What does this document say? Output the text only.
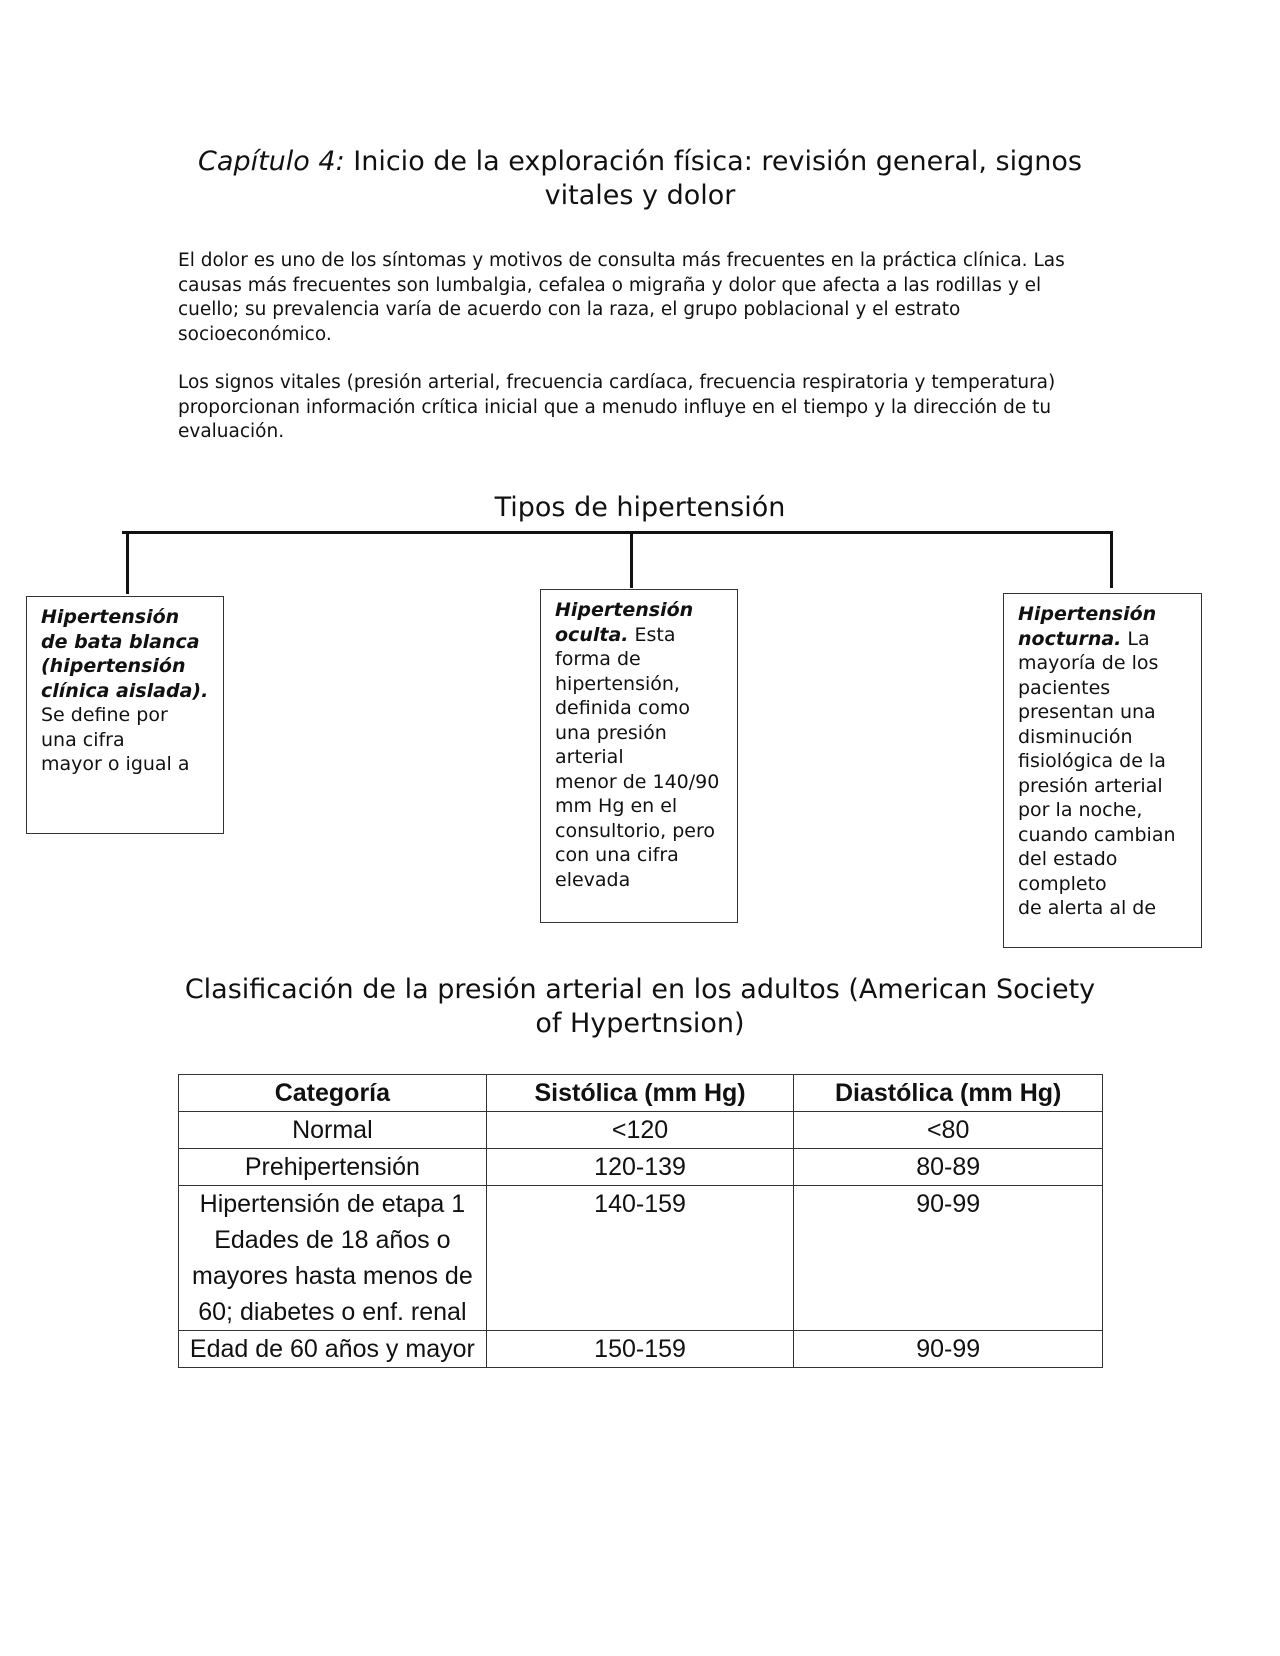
Capítulo 4: Inicio de la exploración física: revisión general, signos vitales y dolor

El dolor es uno de los síntomas y motivos de consulta más frecuentes en la práctica clínica. Las causas más frecuentes son lumbalgia, cefalea o migraña y dolor que afecta a las rodillas y el cuello; su prevalencia varía de acuerdo con la raza, el grupo poblacional y el estrato socioeconómico.

Los signos vitales (presión arterial, frecuencia cardíaca, frecuencia respiratoria y temperatura)
proporcionan información crítica inicial que a menudo influye en el tiempo y la dirección de tu evaluación.
Tipos de hipertensión
Hipertensión de bata blanca (hipertensión clínica aislada). Se define por una cifra
mayor o igual a
Hipertensión oculta. Esta forma de hipertensión, definida como una presión arterial
menor de 140/90 mm Hg en el consultorio, pero con una cifra elevada
Hipertensión nocturna. La mayoría de los pacientes presentan una disminución fisiológica de la presión arterial por la noche, cuando cambian del estado completo
de alerta al de
Clasificación de la presión arterial en los adultos (American Society of Hypertnsion)
Categoría	Sistólica (mm Hg)	Diastólica (mm Hg)
Normal	<120	<80
Prehipertensión	120-139	80-89
Hipertensión de etapa 1
Edades de 18 años o mayores hasta menos de 60; diabetes o enf. renal	140-159	90-99
Edad de 60 años y mayor	150-159	90-99
